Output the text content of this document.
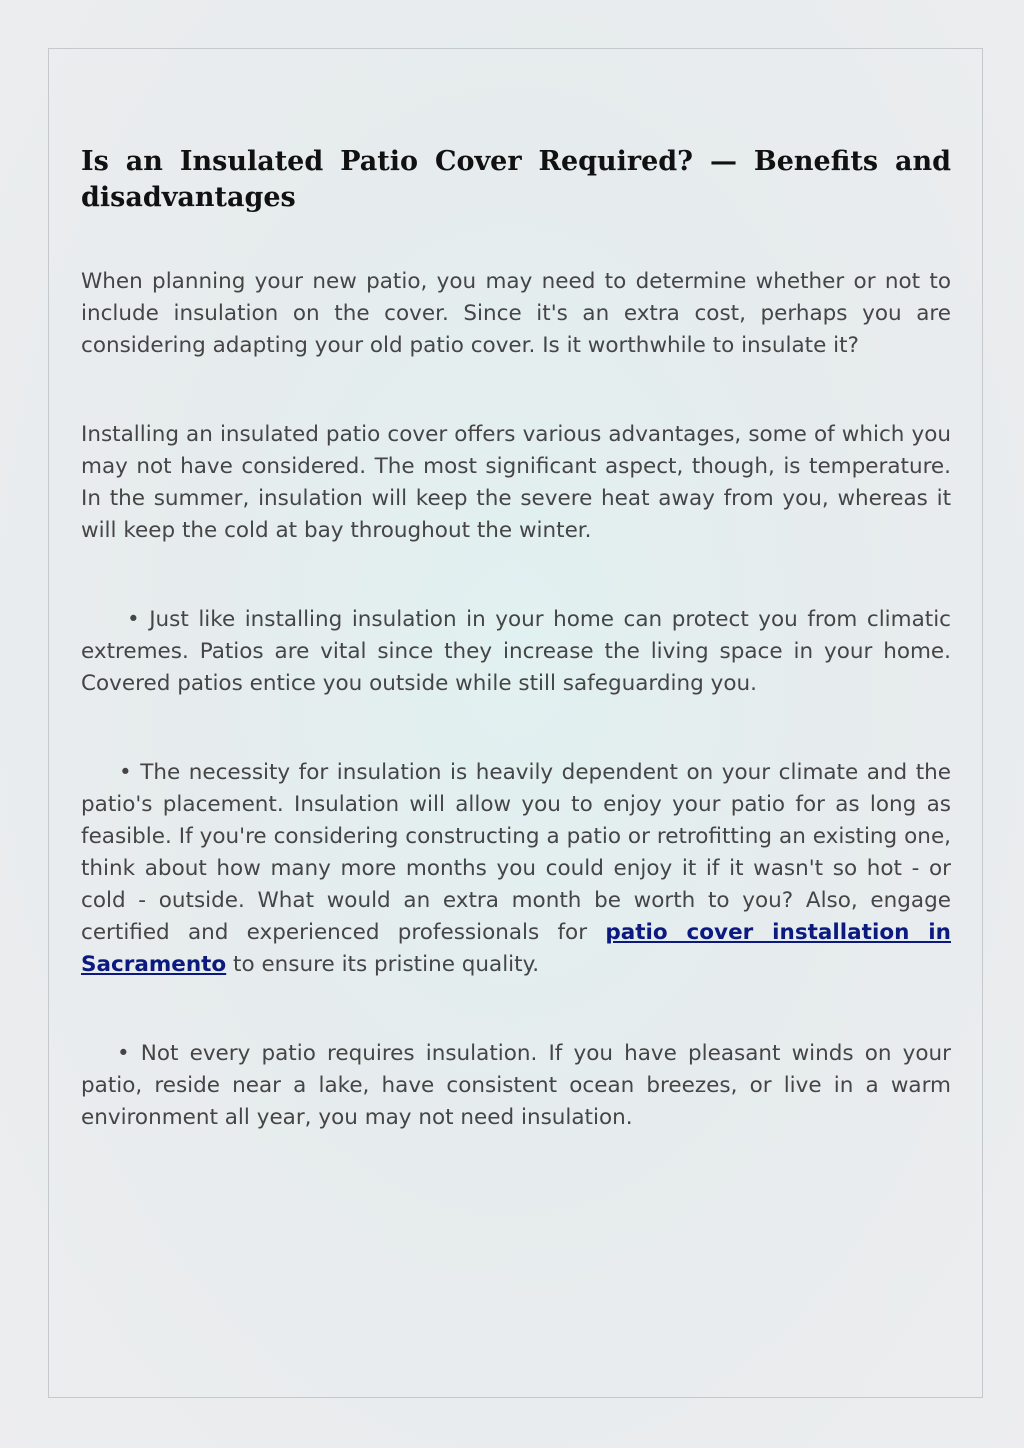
Is an Insulated Patio Cover Required? — Benefits and disadvantages

When planning your new patio, you may need to determine whether or not to include insulation on the cover. Since it's an extra cost, perhaps you are considering adapting your old patio cover. Is it worthwhile to insulate it?

Installing an insulated patio cover offers various advantages, some of which you may not have considered. The most significant aspect, though, is temperature. In the summer, insulation will keep the severe heat away from you, whereas it will keep the cold at bay throughout the winter.

• Just like installing insulation in your home can protect you from climatic extremes. Patios are vital since they increase the living space in your home. Covered patios entice you outside while still safeguarding you.

• The necessity for insulation is heavily dependent on your climate and the patio's placement. Insulation will allow you to enjoy your patio for as long as feasible. If you're considering constructing a patio or retrofitting an existing one, think about how many more months you could enjoy it if it wasn't so hot - or cold - outside. What would an extra month be worth to you? Also, engage certified and experienced professionals for patio cover installation in Sacramento to ensure its pristine quality.

• Not every patio requires insulation. If you have pleasant winds on your patio, reside near a lake, have consistent ocean breezes, or live in a warm environment all year, you may not need insulation.
